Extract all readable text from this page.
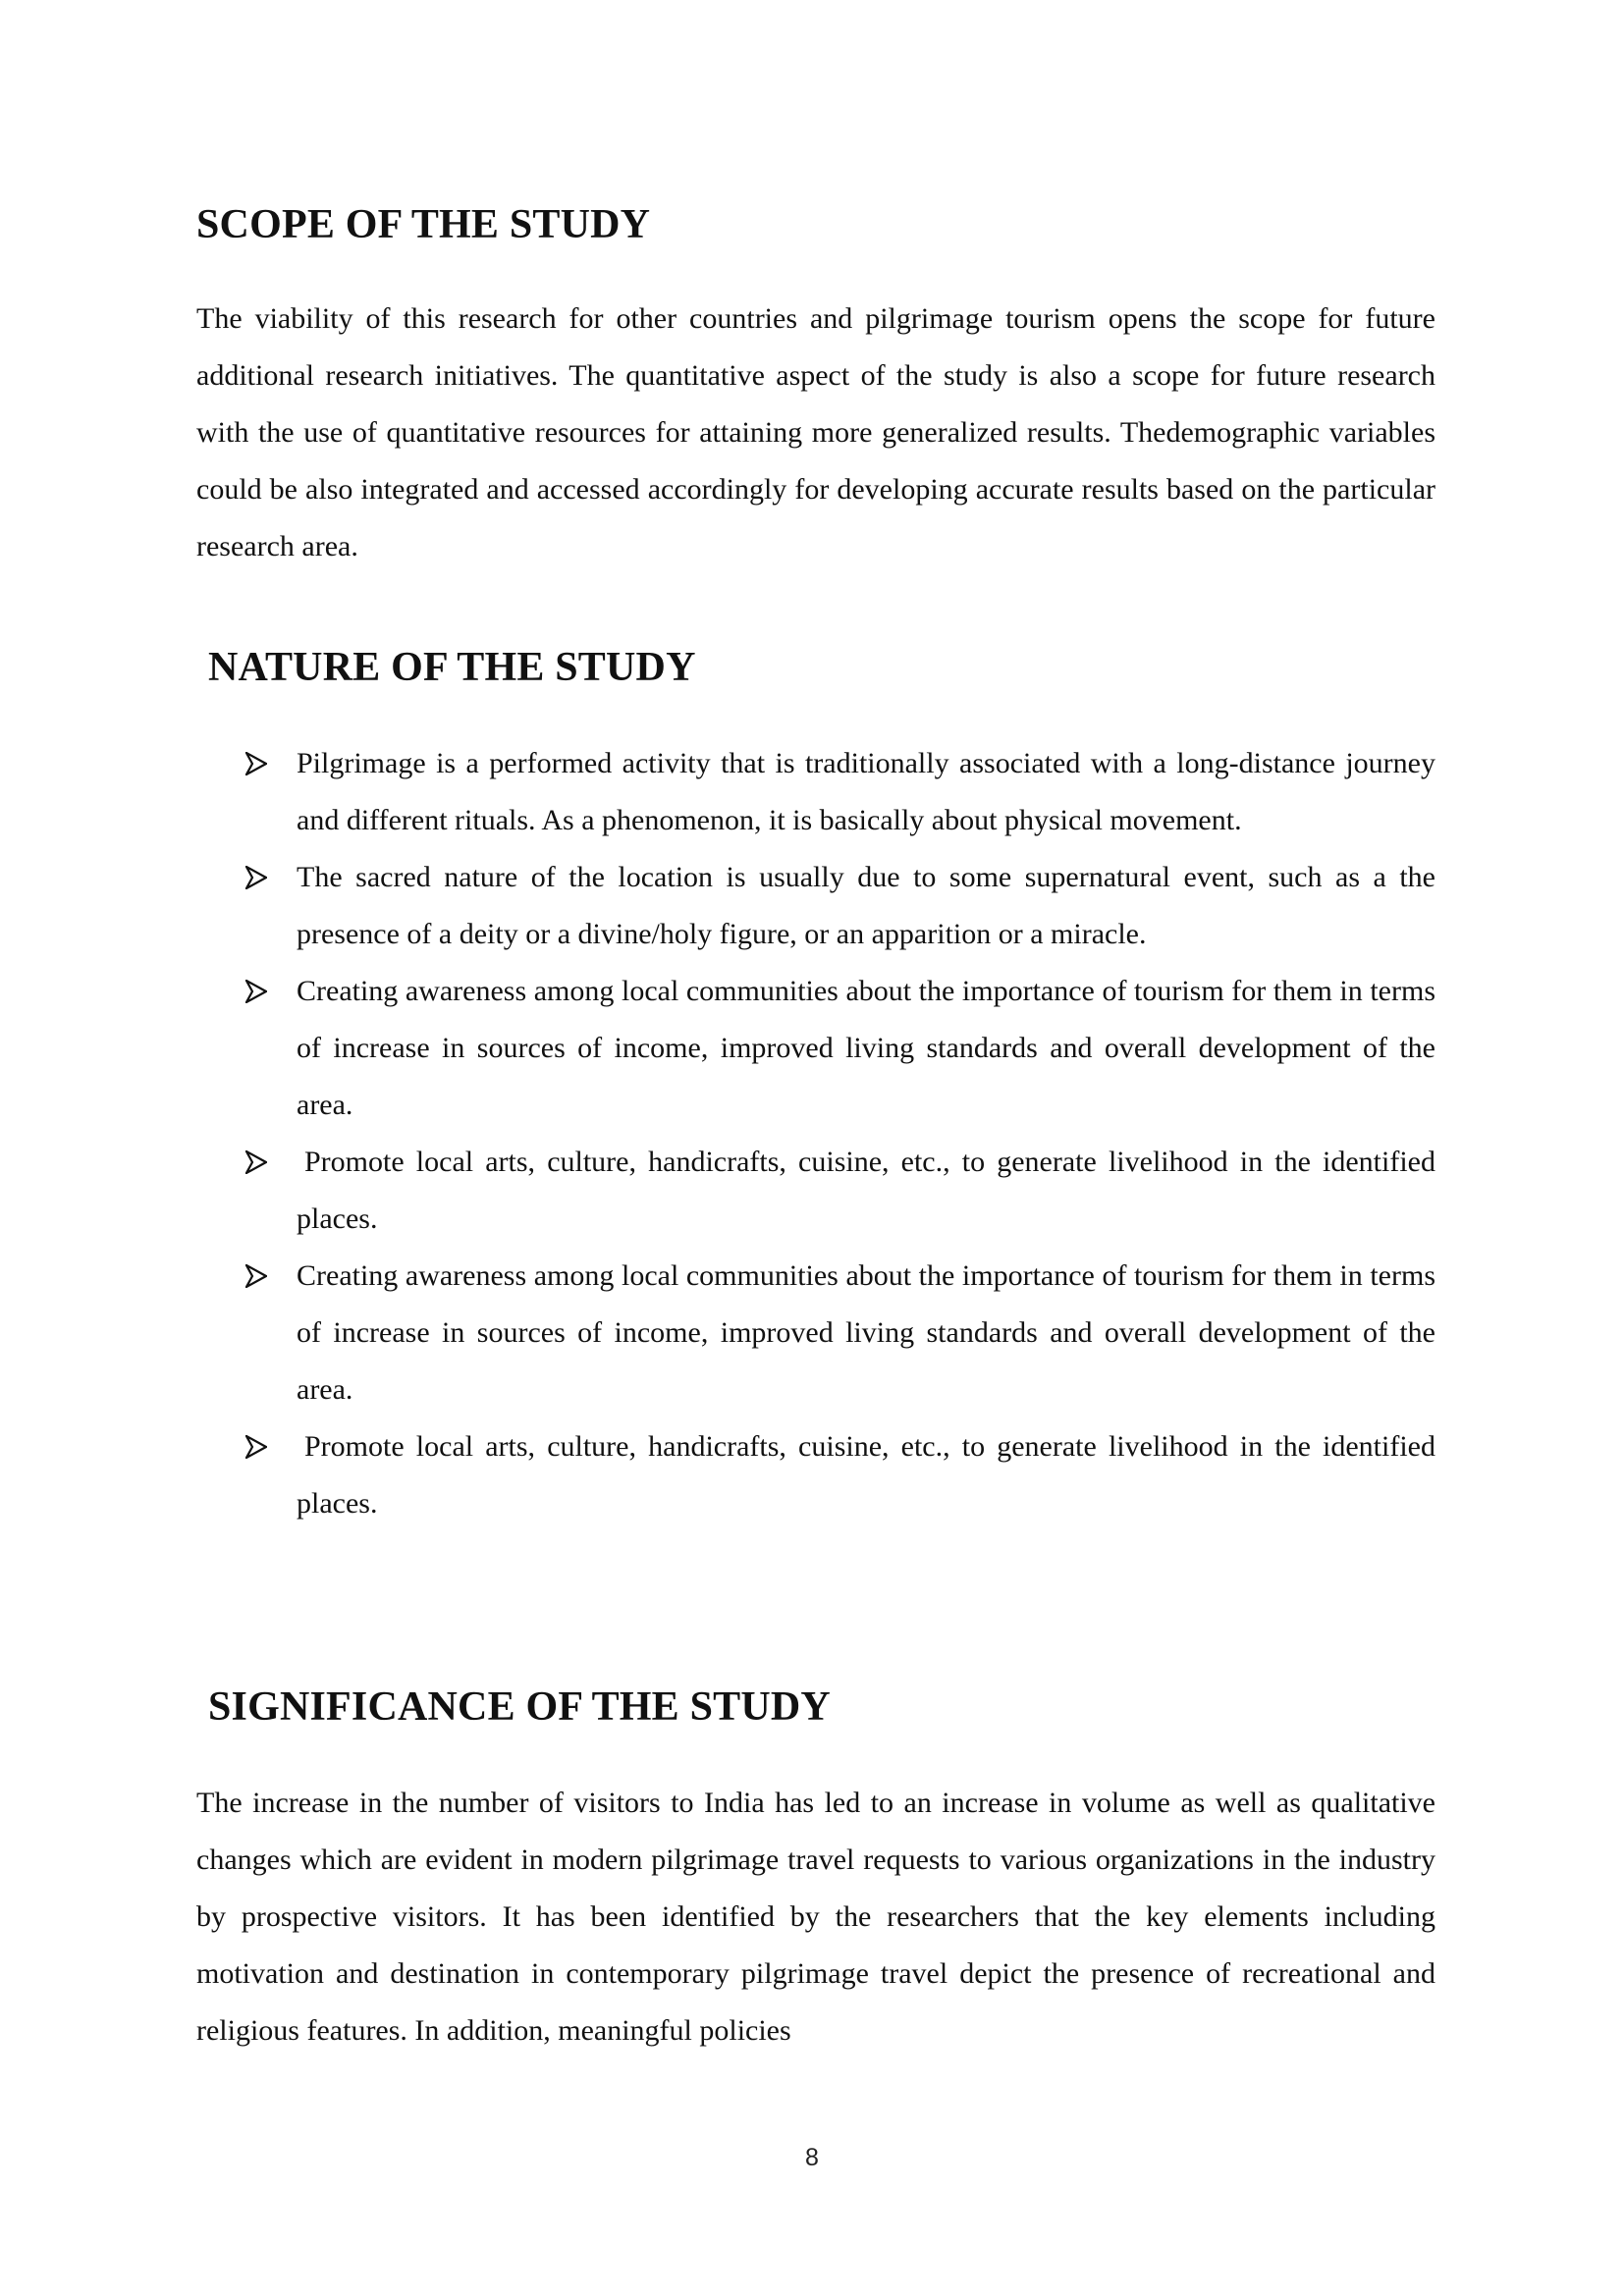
SCOPE OF THE STUDY

The viability of this research for other countries and pilgrimage tourism opens the scope for future additional research initiatives. The quantitative aspect of the study is also a scope for future research with the use of quantitative resources for attaining more generalized results. Thedemographic variables could be also integrated and accessed accordingly for developing accurate results based on the particular research area.

NATURE OF THE STUDY
Pilgrimage is a performed activity that is traditionally associated with a long-distance journey and different rituals. As a phenomenon, it is basically about physical movement.
The sacred nature of the location is usually due to some supernatural event, such as a the presence of a deity or a divine/holy figure, or an apparition or a miracle.
Creating awareness among local communities about the importance of tourism for them in terms of increase in sources of income, improved living standards and overall development of the area.
Promote local arts, culture, handicrafts, cuisine, etc., to generate livelihood in the identified places.
Creating awareness among local communities about the importance of tourism for them in terms of increase in sources of income, improved living standards and overall development of the area.
Promote local arts, culture, handicrafts, cuisine, etc., to generate livelihood in the identified places.
SIGNIFICANCE OF THE STUDY

The increase in the number of visitors to India has led to an increase in volume as well as qualitative changes which are evident in modern pilgrimage travel requests to various organizations in the industry by prospective visitors. It has been identified by the researchers that the key elements including motivation and destination in contemporary pilgrimage travel depict the presence of recreational and religious features. In addition, meaningful policies

8
